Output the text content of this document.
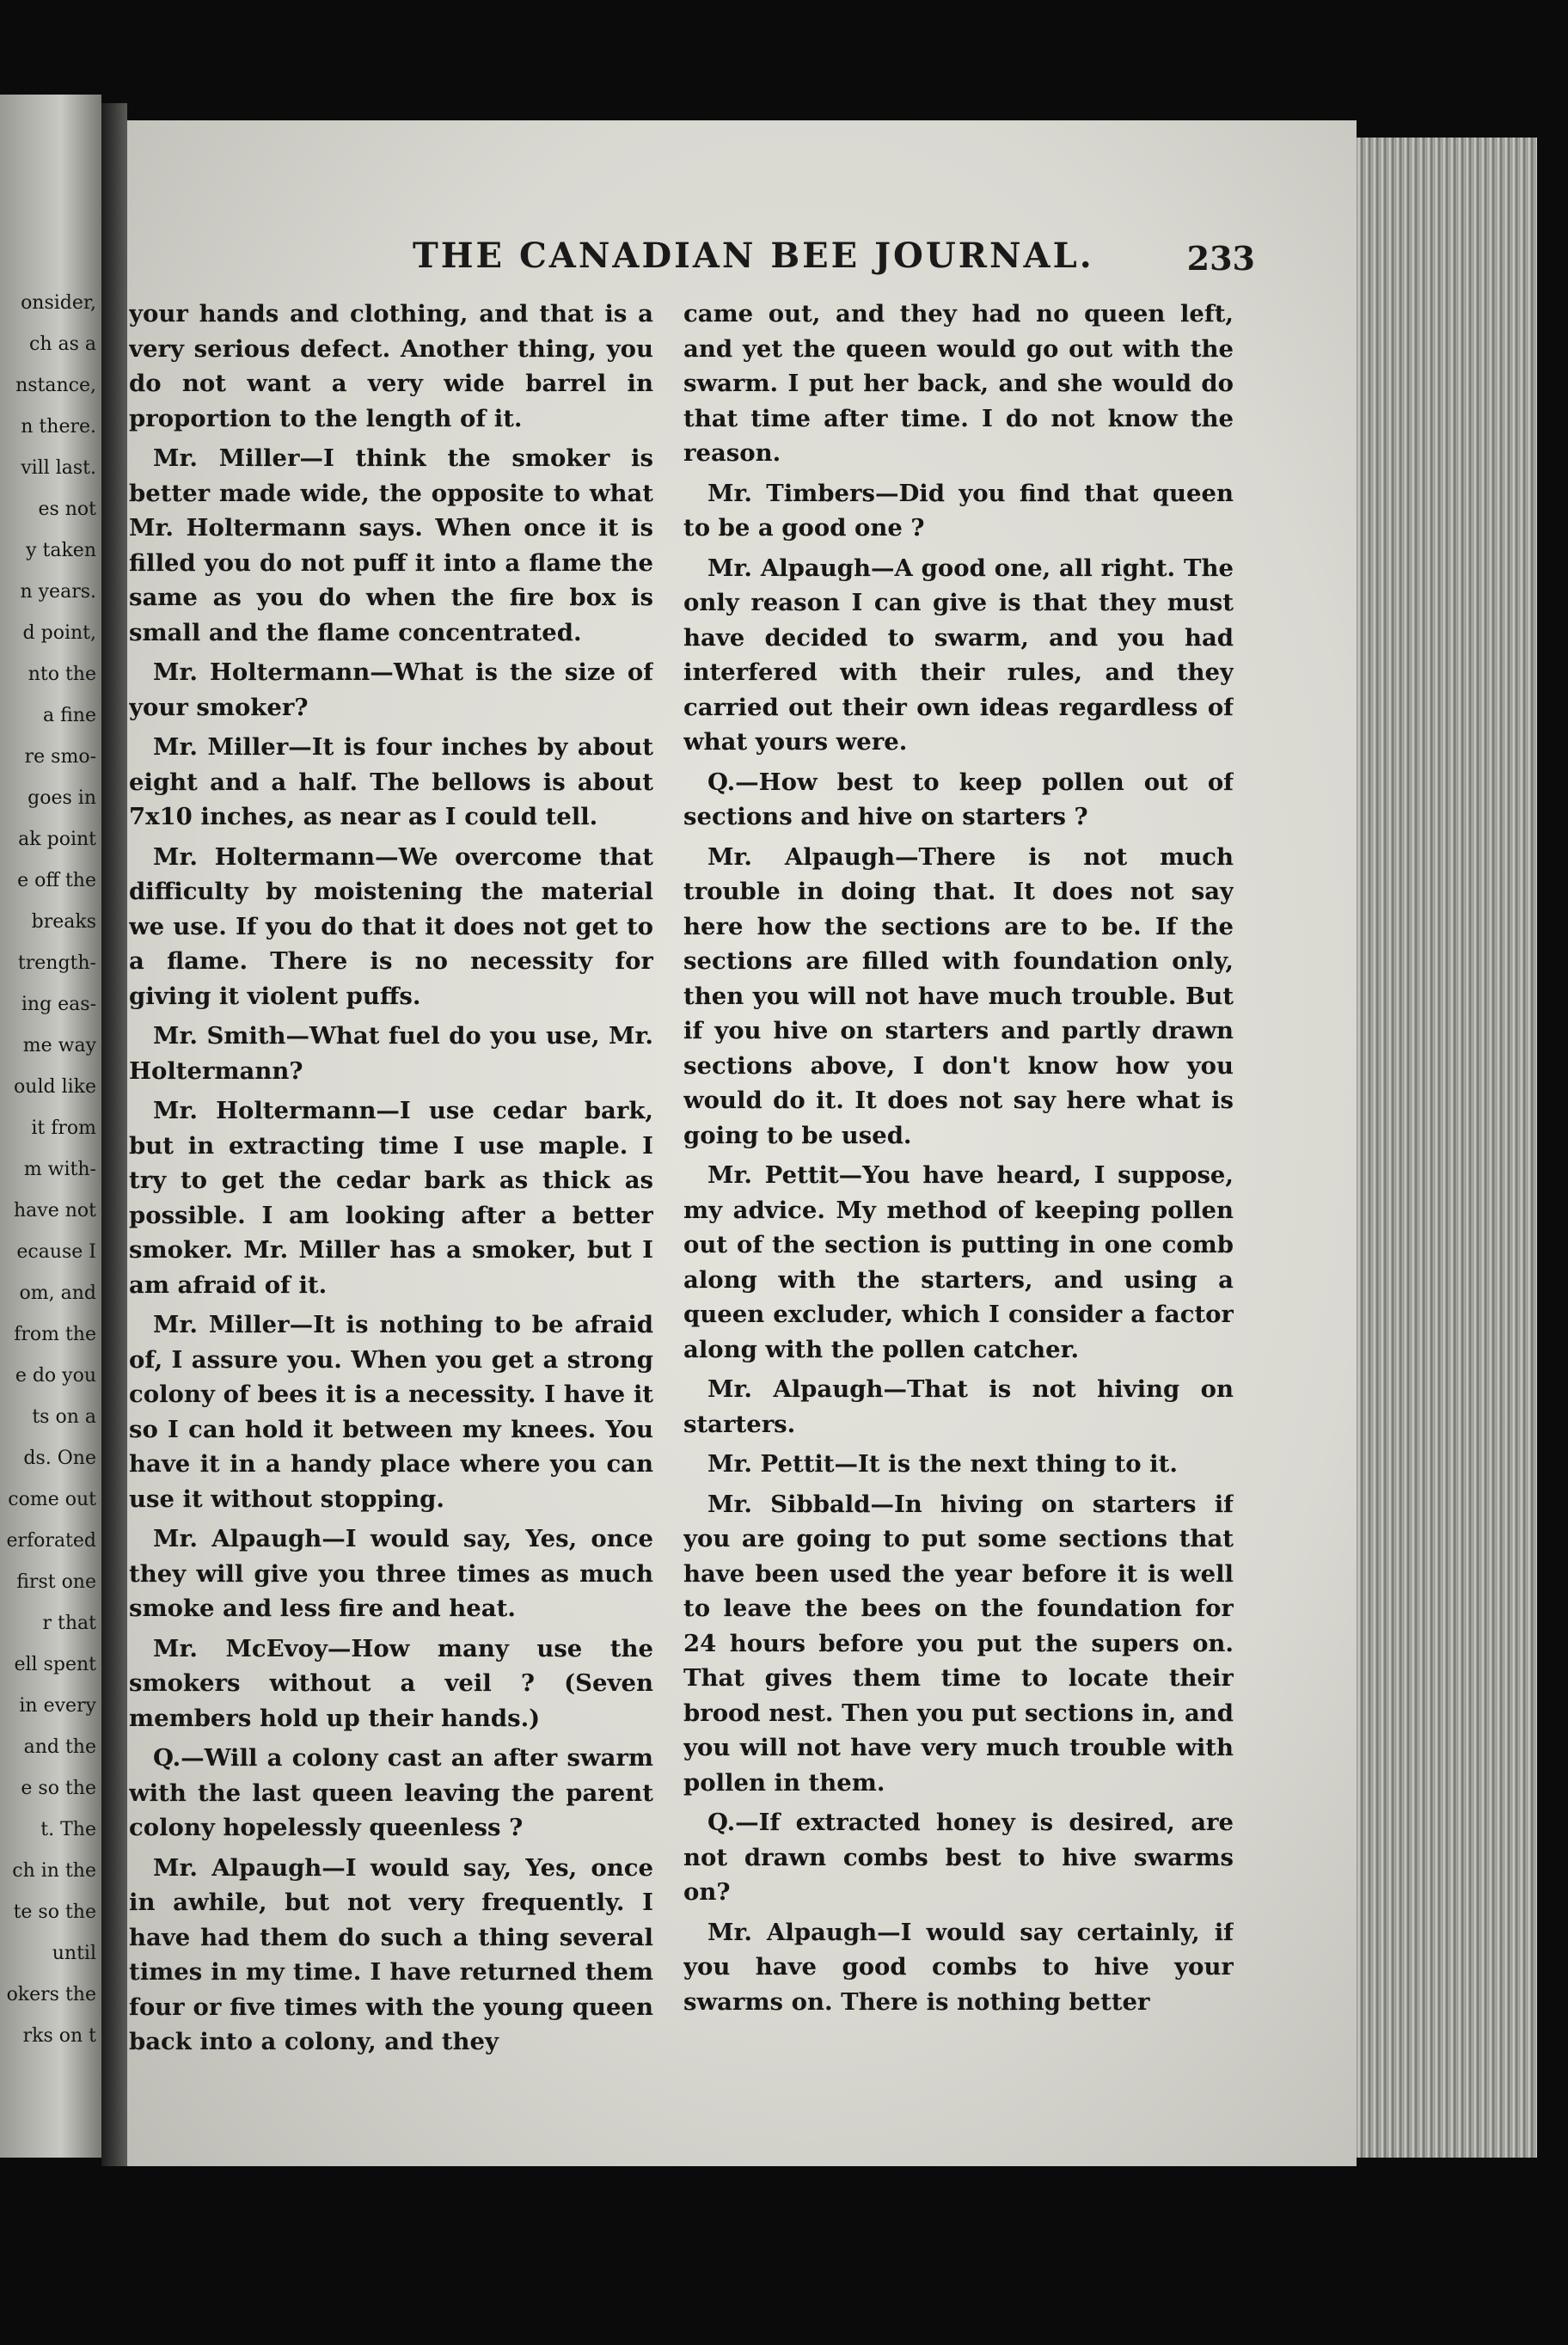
onsider,
ch as a
nstance,
n there.
vill last.
es not
y taken
n years.
d point,
nto the
a fine
re smo-
goes in
ak point
e off the
breaks
trength-
ing eas-
me way
ould like
it from
m with-
have not
ecause I
om, and
from the
e do you
ts on a
ds. One
come out
erforated
first one
r that
ell spent
in every
and the
e so the
t. The
ch in the
te so the
until
okers the
rks on t
THE CANADIAN BEE JOURNAL.	233

your hands and clothing, and that is a very serious defect. Another thing, you do not want a very wide barrel in proportion to the length of it.

Mr. Miller—I think the smoker is better made wide, the opposite to what Mr. Holtermann says. When once it is filled you do not puff it into a flame the same as you do when the fire box is small and the flame concentrated.

Mr. Holtermann—What is the size of your smoker?

Mr. Miller—It is four inches by about eight and a half. The bellows is about 7x10 inches, as near as I could tell.

Mr. Holtermann—We overcome that difficulty by moistening the material we use. If you do that it does not get to a flame. There is no necessity for giving it violent puffs.

Mr. Smith—What fuel do you use, Mr. Holtermann?

Mr. Holtermann—I use cedar bark, but in extracting time I use maple. I try to get the cedar bark as thick as possible. I am looking after a better smoker. Mr. Miller has a smoker, but I am afraid of it.

Mr. Miller—It is nothing to be afraid of, I assure you. When you get a strong colony of bees it is a necessity. I have it so I can hold it between my knees. You have it in a handy place where you can use it without stopping.

Mr. Alpaugh—I would say, Yes, once they will give you three times as much smoke and less fire and heat.

Mr. McEvoy—How many use the smokers without a veil ? (Seven members hold up their hands.)

Q.—Will a colony cast an after swarm with the last queen leaving the parent colony hopelessly queenless ?

Mr. Alpaugh—I would say, Yes, once in awhile, but not very frequently. I have had them do such a thing several times in my time. I have returned them four or five times with the young queen back into a colony, and they

came out, and they had no queen left, and yet the queen would go out with the swarm. I put her back, and she would do that time after time. I do not know the reason.

Mr. Timbers—Did you find that queen to be a good one ?

Mr. Alpaugh—A good one, all right. The only reason I can give is that they must have decided to swarm, and you had interfered with their rules, and they carried out their own ideas regardless of what yours were.

Q.—How best to keep pollen out of sections and hive on starters ?

Mr. Alpaugh—There is not much trouble in doing that. It does not say here how the sections are to be. If the sections are filled with foundation only, then you will not have much trouble. But if you hive on starters and partly drawn sections above, I don't know how you would do it. It does not say here what is going to be used.

Mr. Pettit—You have heard, I suppose, my advice. My method of keeping pollen out of the section is putting in one comb along with the starters, and using a queen excluder, which I consider a factor along with the pollen catcher.

Mr. Alpaugh—That is not hiving on starters.

Mr. Pettit—It is the next thing to it.

Mr. Sibbald—In hiving on starters if you are going to put some sections that have been used the year before it is well to leave the bees on the foundation for 24 hours before you put the supers on. That gives them time to locate their brood nest. Then you put sections in, and you will not have very much trouble with pollen in them.

Q.—If extracted honey is desired, are not drawn combs best to hive swarms on?

Mr. Alpaugh—I would say certainly, if you have good combs to hive your swarms on. There is nothing better
